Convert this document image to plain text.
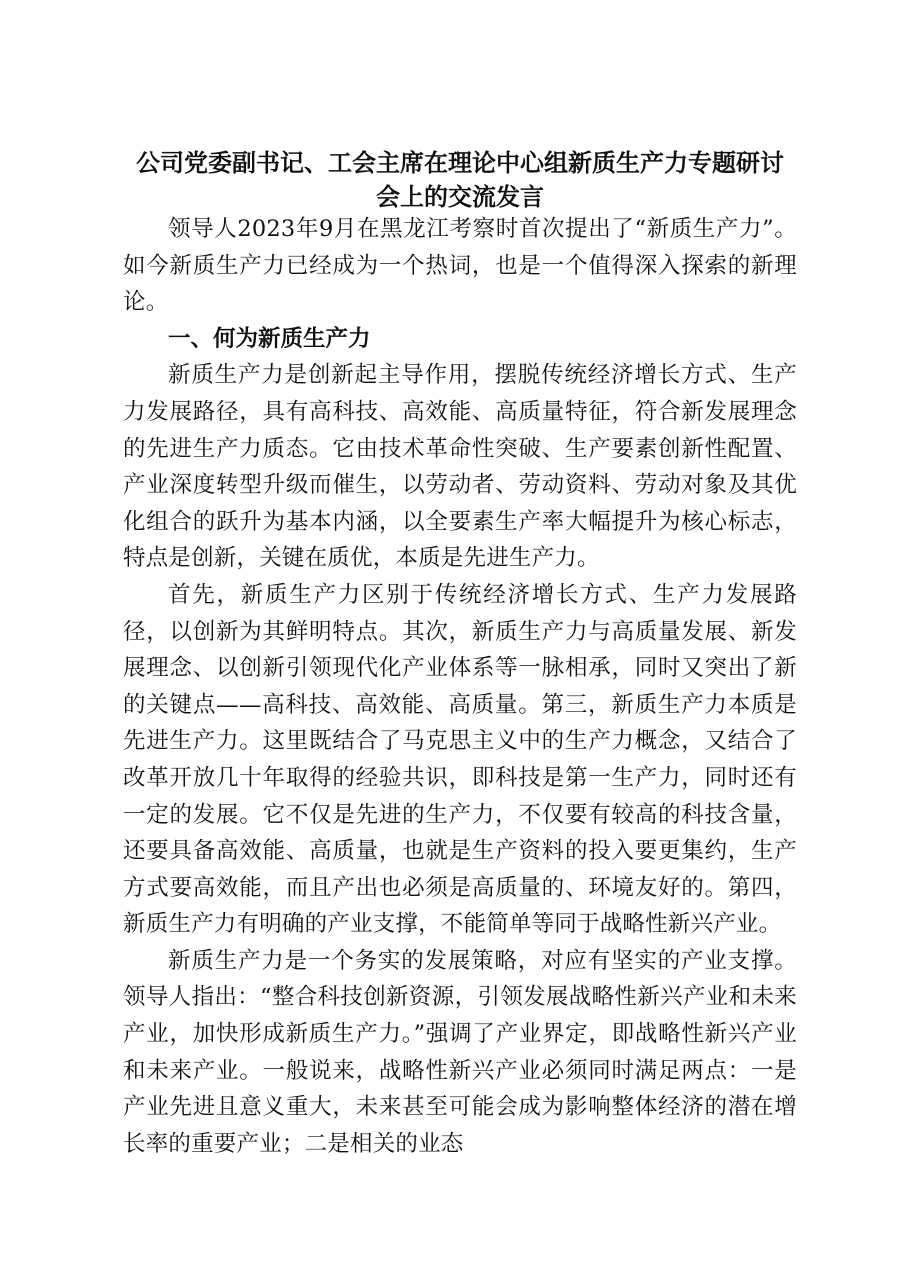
公司党委副书记、工会主席在理论中心组新质生产力专题研讨
会上的交流发言

领导人2023年9月在黑龙江考察时首次提出了“新质生产力”。如今新质生产力已经成为一个热词，也是一个值得深入探索的新理论。

一、何为新质生产力

新质生产力是创新起主导作用，摆脱传统经济增长方式、生产力发展路径，具有高科技、高效能、高质量特征，符合新发展理念的先进生产力质态。它由技术革命性突破、生产要素创新性配置、产业深度转型升级而催生，以劳动者、劳动资料、劳动对象及其优化组合的跃升为基本内涵，以全要素生产率大幅提升为核心标志，特点是创新，关键在质优，本质是先进生产力。

首先，新质生产力区别于传统经济增长方式、生产力发展路径，以创新为其鲜明特点。其次，新质生产力与高质量发展、新发展理念、以创新引领现代化产业体系等一脉相承，同时又突出了新的关键点——高科技、高效能、高质量。第三，新质生产力本质是先进生产力。这里既结合了马克思主义中的生产力概念，又结合了改革开放几十年取得的经验共识，即科技是第一生产力，同时还有一定的发展。它不仅是先进的生产力，不仅要有较高的科技含量，还要具备高效能、高质量，也就是生产资料的投入要更集约，生产方式要高效能，而且产出也必须是高质量的、环境友好的。第四，新质生产力有明确的产业支撑，不能简单等同于战略性新兴产业。

新质生产力是一个务实的发展策略，对应有坚实的产业支撑。领导人指出：“整合科技创新资源，引领发展战略性新兴产业和未来产业，加快形成新质生产力。”强调了产业界定，即战略性新兴产业和未来产业。一般说来，战略性新兴产业必须同时满足两点：一是产业先进且意义重大，未来甚至可能会成为影响整体经济的潜在增长率的重要产业；二是相关的业态
